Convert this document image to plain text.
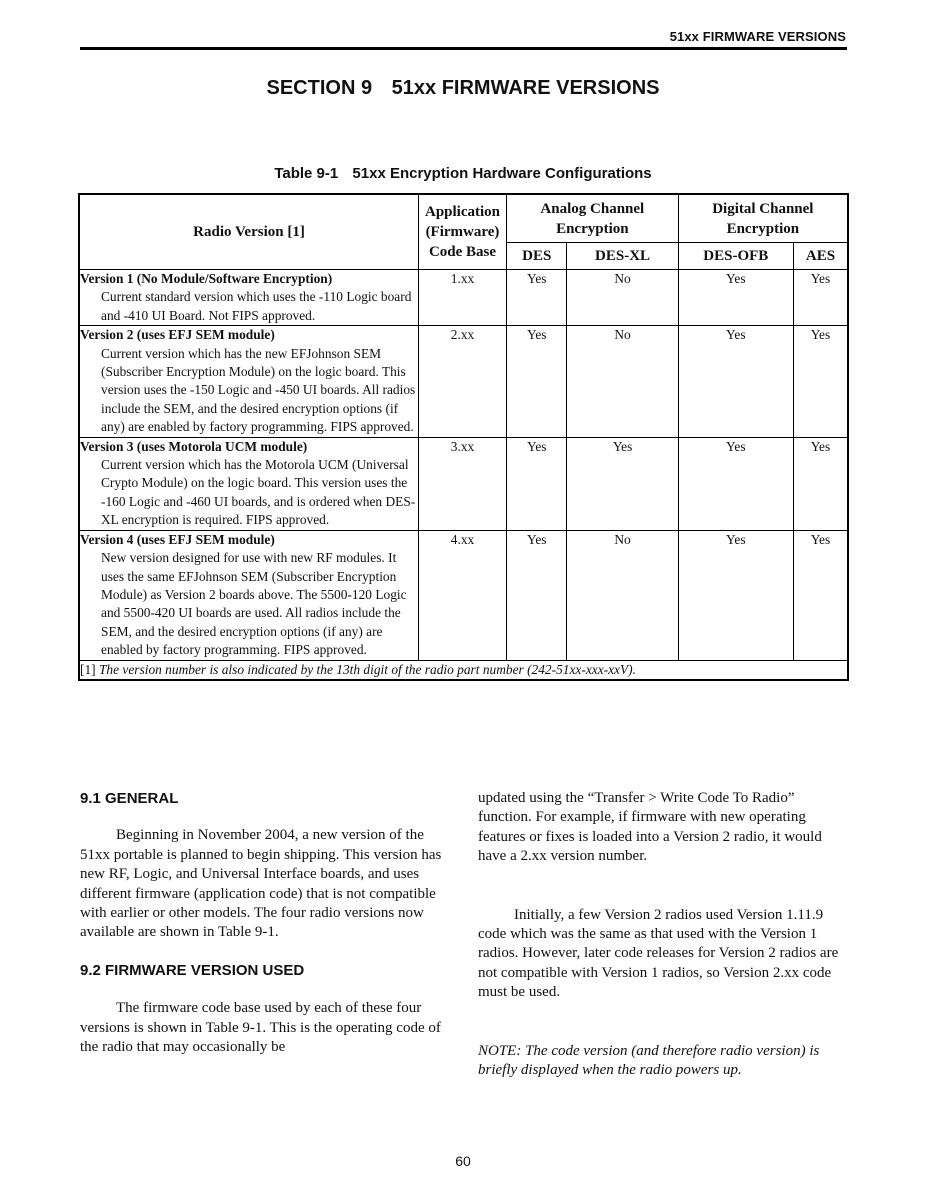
51xx FIRMWARE VERSIONS
SECTION 9 51xx FIRMWARE VERSIONS
Table 9-1 51xx Encryption Hardware Configurations
Radio Version [1]	Application
(Firmware)
Code Base	Analog Channel Encryption		Digital Channel Encryption	
		DES	DES-XL	DES-OFB	AES

Version 1 (No Module/Software Encryption)
Current standard version which uses the -110 Logic board and -410 UI Board. Not FIPS approved.	1.xx	Yes	No	Yes	Yes

Version 2 (uses EFJ SEM module)
Current version which has the new EFJohnson SEM (Subscriber Encryption Module) on the logic board. This version uses the -150 Logic and -450 UI boards. All radios include the SEM, and the desired encryption options (if any) are enabled by factory programming. FIPS approved.	2.xx	Yes	No	Yes	Yes

Version 3 (uses Motorola UCM module)
Current version which has the Motorola UCM (Universal Crypto Module) on the logic board. This version uses the -160 Logic and -460 UI boards, and is ordered when DES-XL encryption is required. FIPS approved.	3.xx	Yes	Yes	Yes	Yes

Version 4 (uses EFJ SEM module)
New version designed for use with new RF modules. It uses the same EFJohnson SEM (Subscriber Encryption Module) as Version 2 boards above. The 5500-120 Logic and 5500-420 UI boards are used. All radios include the SEM, and the desired encryption options (if any) are enabled by factory programming. FIPS approved.	4.xx	Yes	No	Yes	Yes
[1] The version number is also indicated by the 13th digit of the radio part number (242-51xx-xxx-xxV).					
9.1 GENERAL

Beginning in November 2004, a new version of the 51xx portable is planned to begin shipping. This version has new RF, Logic, and Universal Interface boards, and uses different firmware (application code) that is not compatible with earlier or other models. The four radio versions now available are shown in Table 9-1.

9.2 FIRMWARE VERSION USED

The firmware code base used by each of these four versions is shown in Table 9-1. This is the operating code of the radio that may occasionally be

updated using the “Transfer > Write Code To Radio” function. For example, if firmware with new operating features or fixes is loaded into a Version 2 radio, it would have a 2.xx version number.

Initially, a few Version 2 radios used Version 1.11.9 code which was the same as that used with the Version 1 radios. However, later code releases for Version 2 radios are not compatible with Version 1 radios, so Version 2.xx code must be used.

NOTE: The code version (and therefore radio version) is briefly displayed when the radio powers up.

60
